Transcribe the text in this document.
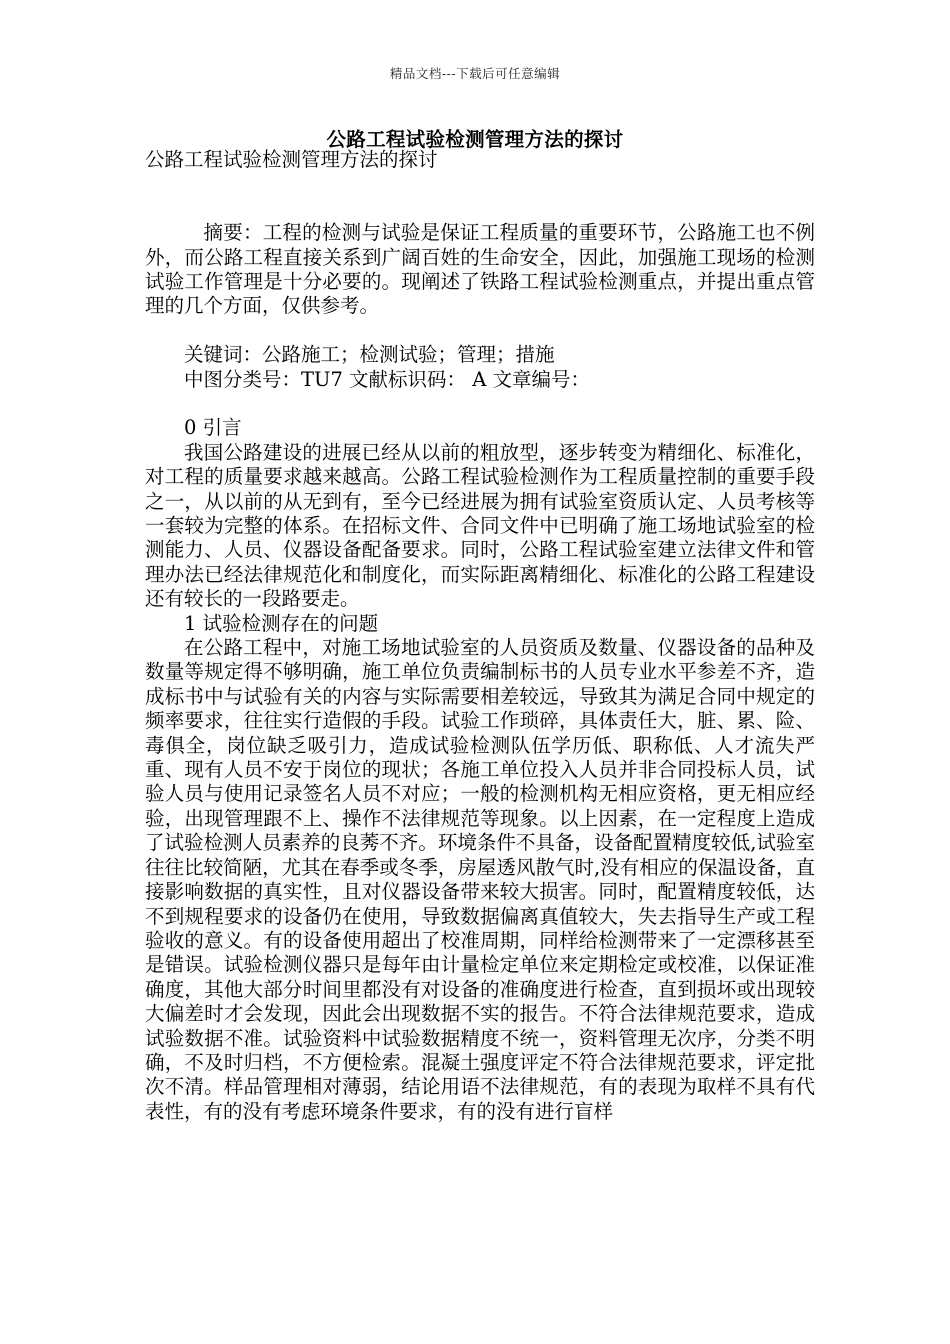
精品文档---下载后可任意编辑
公路工程试验检测管理方法的探讨

公路工程试验检测管理方法的探讨

摘要：工程的检测与试验是保证工程质量的重要环节，公路施工也不例外，而公路工程直接关系到广阔百姓的生命安全，因此，加强施工现场的检测试验工作管理是十分必要的。现阐述了铁路工程试验检测重点，并提出重点管理的几个方面，仅供参考。

关键词：公路施工；检测试验；管理；措施

中图分类号：TU7 文献标识码： A 文章编号：

0 引言

我国公路建设的进展已经从以前的粗放型，逐步转变为精细化、标准化，对工程的质量要求越来越高。公路工程试验检测作为工程质量控制的重要手段之一，从以前的从无到有，至今已经进展为拥有试验室资质认定、人员考核等一套较为完整的体系。在招标文件、合同文件中已明确了施工场地试验室的检测能力、人员、仪器设备配备要求。同时，公路工程试验室建立法律文件和管理办法已经法律规范化和制度化，而实际距离精细化、标准化的公路工程建设还有较长的一段路要走。

1 试验检测存在的问题

在公路工程中，对施工场地试验室的人员资质及数量、仪器设备的品种及数量等规定得不够明确，施工单位负责编制标书的人员专业水平参差不齐，造成标书中与试验有关的内容与实际需要相差较远，导致其为满足合同中规定的频率要求，往往实行造假的手段。试验工作琐碎，具体责任大，脏、累、险、毒俱全，岗位缺乏吸引力，造成试验检测队伍学历低、职称低、人才流失严重、现有人员不安于岗位的现状；各施工单位投入人员并非合同投标人员，试验人员与使用记录签名人员不对应；一般的检测机构无相应资格，更无相应经验，出现管理跟不上、操作不法律规范等现象。以上因素，在一定程度上造成了试验检测人员素养的良莠不齐。环境条件不具备，设备配置精度较低,试验室往往比较简陋，尤其在春季或冬季，房屋透风散气时,没有相应的保温设备，直接影响数据的真实性，且对仪器设备带来较大损害。同时，配置精度较低，达不到规程要求的设备仍在使用，导致数据偏离真值较大，失去指导生产或工程验收的意义。有的设备使用超出了校准周期，同样给检测带来了一定漂移甚至是错误。试验检测仪器只是每年由计量检定单位来定期检定或校准，以保证准确度，其他大部分时间里都没有对设备的准确度进行检查，直到损坏或出现较大偏差时才会发现，因此会出现数据不实的报告。不符合法律规范要求，造成试验数据不准。试验资料中试验数据精度不统一，资料管理无次序，分类不明确，不及时归档，不方便检索。混凝土强度评定不符合法律规范要求，评定批次不清。样品管理相对薄弱，结论用语不法律规范，有的表现为取样不具有代表性，有的没有考虑环境条件要求，有的没有进行盲样
